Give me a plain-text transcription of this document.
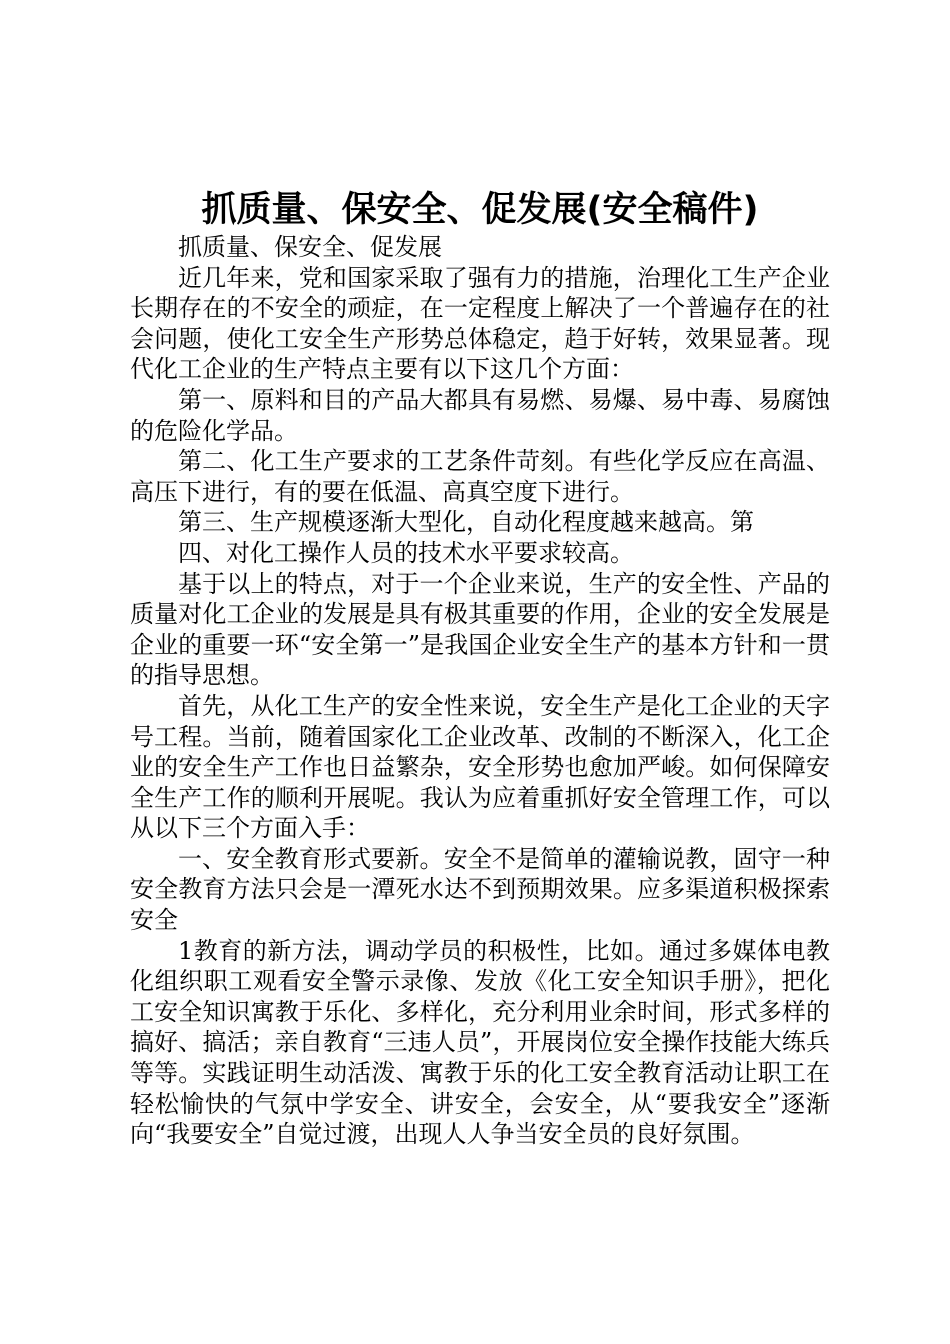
抓质量、保安全、促发展(安全稿件)

抓质量、保安全、促发展

近几年来，党和国家采取了强有力的措施，治理化工生产企业长期存在的不安全的顽症，在一定程度上解决了一个普遍存在的社会问题，使化工安全生产形势总体稳定，趋于好转，效果显著。现代化工企业的生产特点主要有以下这几个方面：

第一、原料和目的产品大都具有易燃、易爆、易中毒、易腐蚀的危险化学品。

第二、化工生产要求的工艺条件苛刻。有些化学反应在高温、高压下进行，有的要在低温、高真空度下进行。

第三、生产规模逐渐大型化，自动化程度越来越高。第

四、对化工操作人员的技术水平要求较高。

基于以上的特点，对于一个企业来说，生产的安全性、产品的质量对化工企业的发展是具有极其重要的作用，企业的安全发展是企业的重要一环“安全第一”是我国企业安全生产的基本方针和一贯的指导思想。

首先，从化工生产的安全性来说，安全生产是化工企业的天字号工程。当前，随着国家化工企业改革、改制的不断深入，化工企业的安全生产工作也日益繁杂，安全形势也愈加严峻。如何保障安全生产工作的顺利开展呢。我认为应着重抓好安全管理工作，可以从以下三个方面入手：

一、安全教育形式要新。安全不是简单的灌输说教，固守一种安全教育方法只会是一潭死水达不到预期效果。应多渠道积极探索安全

1教育的新方法，调动学员的积极性，比如。通过多媒体电教化组织职工观看安全警示录像、发放《化工安全知识手册》，把化工安全知识寓教于乐化、多样化，充分利用业余时间，形式多样的搞好、搞活；亲自教育“三违人员”，开展岗位安全操作技能大练兵等等。实践证明生动活泼、寓教于乐的化工安全教育活动让职工在轻松愉快的气氛中学安全、讲安全，会安全，从“要我安全”逐渐向“我要安全”自觉过渡，出现人人争当安全员的良好氛围。
